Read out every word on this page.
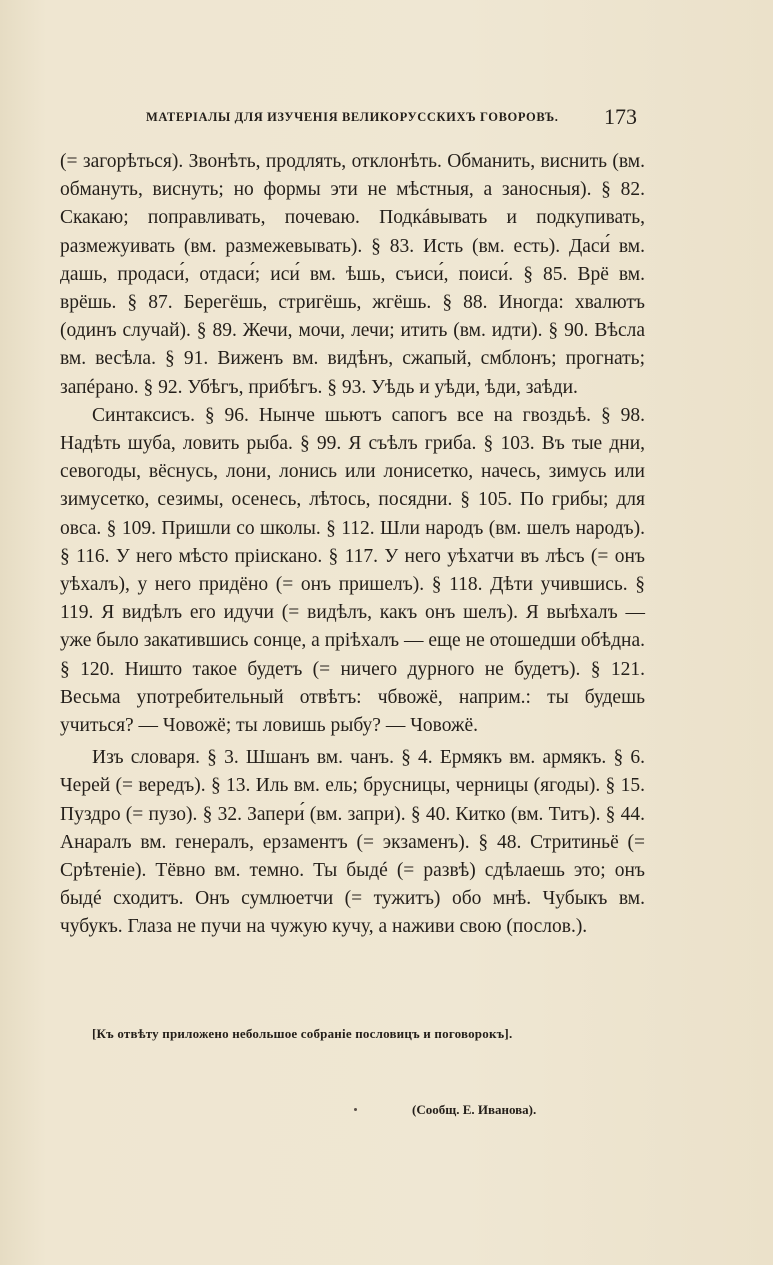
МАТЕРІАЛЫ ДЛЯ ИЗУЧЕНІЯ ВЕЛИКОРУССКИХЪ ГОВОРОВЪ. 173

(= загорѣться). Звонѣть, продлять, отклонѣть. Обманить, виснить (вм. обмануть, виснуть; но формы эти не мѣстныя, а заносныя). § 82. Скакаю; поправливать, почеваю. Подкáвывать и подкупивать, размежуивать (вм. размежевывать). § 83. Исть (вм. есть). Даси́ вм. дашь, продаси́, отдаси́; иси́ вм. ѣшь, съиси́, поиси́. § 85. Врё вм. врёшь. § 87. Берегёшь, стригёшь, жгёшь. § 88. Иногда: хвалютъ (одинъ случай). § 89. Жечи, мочи, лечи; итить (вм. идти). § 90. Вѣсла вм. весѣла. § 91. Виженъ вм. видѣнъ, сжапый, смблонъ; прогнать; запéрано. § 92. Убѣгъ, прибѣгъ. § 93. Уѣдь и уѣди, ѣди, заѣди.

Синтаксисъ. § 96. Нынче шьютъ сапогъ все на гвоздьѣ. § 98. Надѣть шуба, ловить рыба. § 99. Я съѣлъ гриба. § 103. Въ тые дни, севогоды, вёснусь, лони, лонись или лонисетко, начесь, зимусь или зимусетко, сезимы, осенесь, лѣтось, посядни. § 105. По грибы; для овса. § 109. Пришли со школы. § 112. Шли народъ (вм. шелъ народъ). § 116. У него мѣсто прiискано. § 117. У него уѣхатчи въ лѣсъ (= онъ уѣхалъ), у него придёно (= онъ пришелъ). § 118. Дѣти учившись. § 119. Я видѣлъ его идучи (= видѣлъ, какъ онъ шелъ). Я выѣхалъ — уже было закатившись сонце, а прiѣхалъ — еще не отошедши обѣдна. § 120. Ништо такое будетъ (= ничего дурного не будетъ). § 121. Весьма употребительный отвѣтъ: чбвожё, наприм.: ты будешь учиться? — Човожё; ты ловишь рыбу? — Човожё.

Изъ словаря. § 3. Шшанъ вм. чанъ. § 4. Ермякъ вм. армякъ. § 6. Черей (= вередъ). § 13. Иль вм. ель; брусницы, черницы (ягоды). § 15. Пуздро (= пузо). § 32. Запери́ (вм. запри). § 40. Китко (вм. Титъ). § 44. Анаралъ вм. генералъ, ерзаментъ (= экзаменъ). § 48. Стритиньё (= Срѣтенiе). Тёвно вм. темно. Ты быдé (= развѣ) сдѣлаешь это; онъ быдé сходитъ. Онъ сумлюетчи (= тужитъ) обо мнѣ. Чубыкъ вм. чубукъ. Глаза не пучи на чужую кучу, а наживи свою (послов.).

[Къ отвѣту приложено небольшое собранiе пословицъ и поговорокъ].
(Сообщ. Е. Иванова).
